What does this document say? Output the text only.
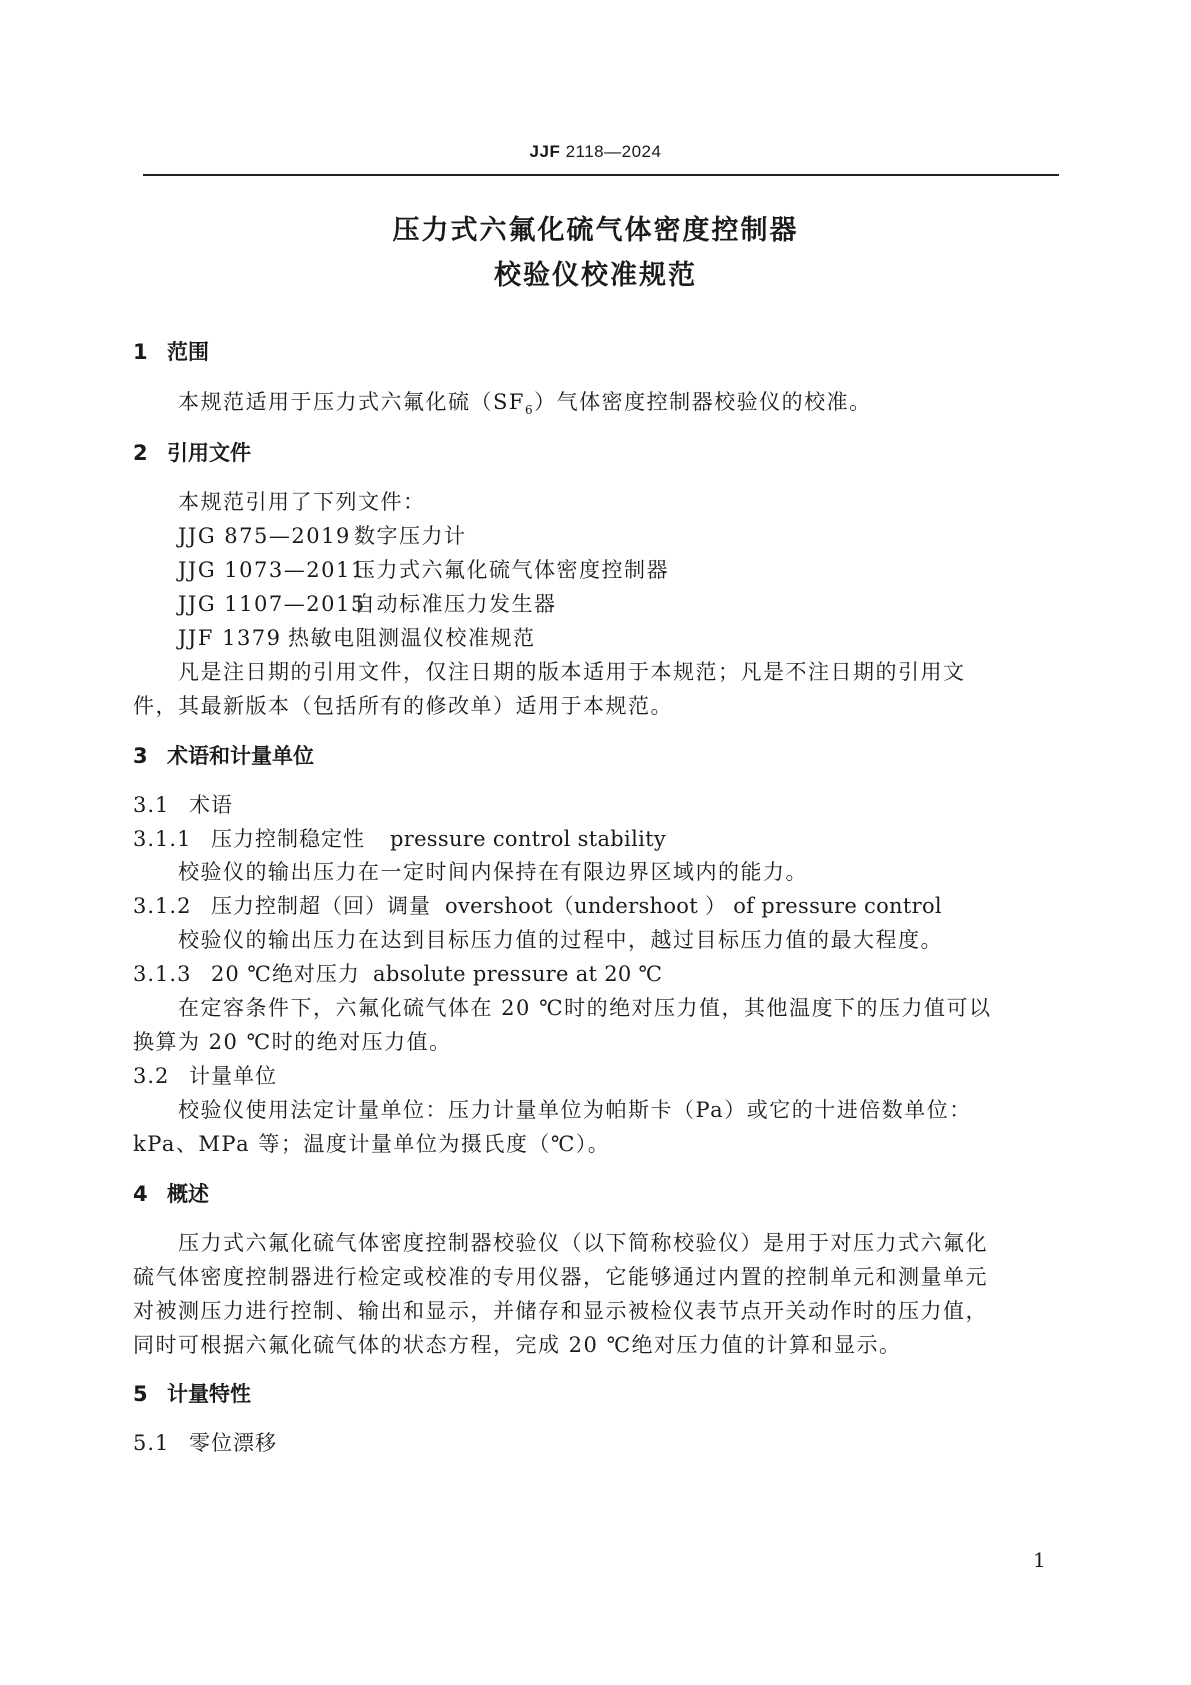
JJF 2118—2024
压力式六氟化硫气体密度控制器
校验仪校准规范
1 范围
本规范适用于压力式六氟化硫$(SF_6)$气体密度控制器校验仪的校准。
2 引用文件
本规范引用了下列文件：
JJG 875—2019 数字压力计
JJG 1073—2011压力式六氟化硫气体密度控制器
JJG 1107—2015自动标准压力发生器
JJF 1379 热敏电阻测温仪校准规范
凡是注日期的引用文件，仅注日期的版本适用于本规范；凡是不注日期的引用文
件，其最新版本（包括所有的修改单）适用于本规范。
3 术语和计量单位
3.1 术语
3.1.1 压力控制稳定性 pressure control stability
校验仪的输出压力在一定时间内保持在有限边界区域内的能力。
3.1.2 压力控制超（回）调量 overshoot（undershoot ） of pressure control
校验仪的输出压力在达到目标压力值的过程中，越过目标压力值的最大程度。
3.1.3 20 ℃绝对压力 absolute pressure at 20 ℃
在定容条件下，六氟化硫气体在 20 ℃时的绝对压力值，其他温度下的压力值可以
换算为 20 ℃时的绝对压力值。
3.2 计量单位
校验仪使用法定计量单位：压力计量单位为帕斯卡（Pa）或它的十进倍数单位：
kPa、MPa 等；温度计量单位为摄氏度（℃）。
4 概述
压力式六氟化硫气体密度控制器校验仪（以下简称校验仪）是用于对压力式六氟化
硫气体密度控制器进行检定或校准的专用仪器，它能够通过内置的控制单元和测量单元
对被测压力进行控制、输出和显示，并储存和显示被检仪表节点开关动作时的压力值，
同时可根据六氟化硫气体的状态方程，完成 20 ℃绝对压力值的计算和显示。
5 计量特性
5.1 零位漂移
1
